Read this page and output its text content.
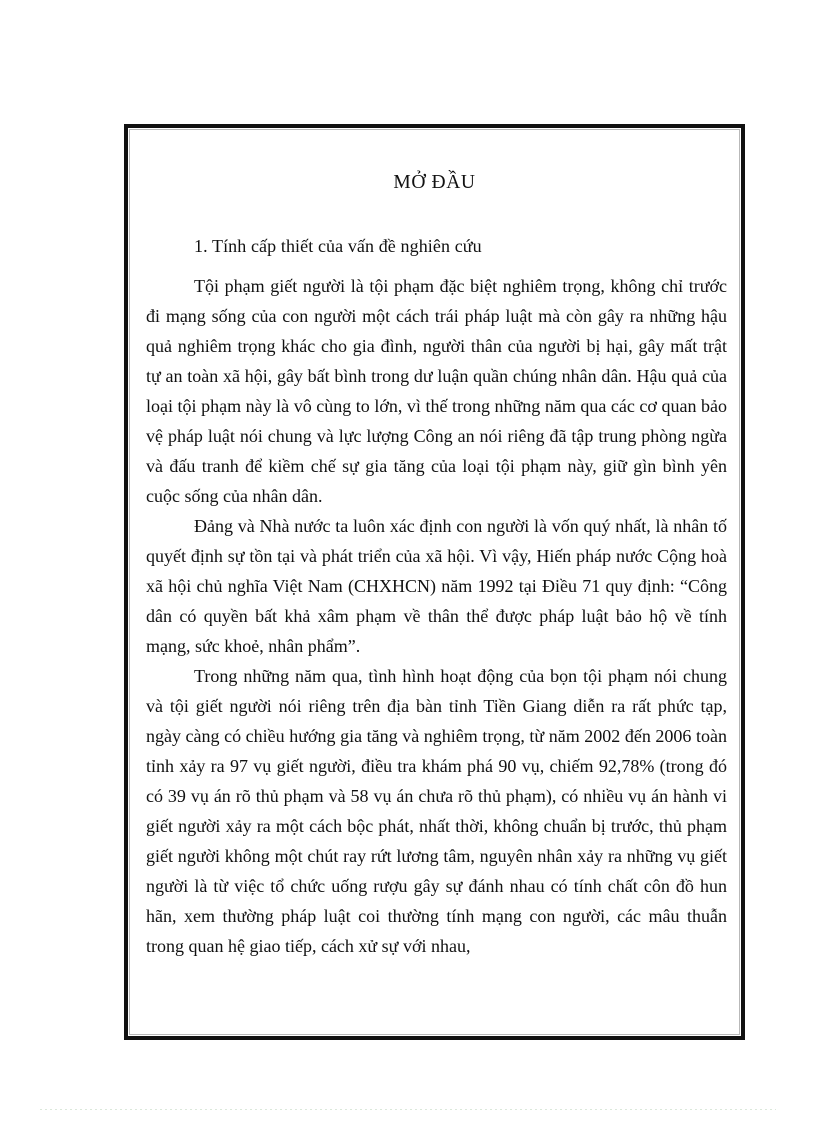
MỞ ĐẦU
1. Tính cấp thiết của vấn đề nghiên cứu

Tội phạm giết người là tội phạm đặc biệt nghiêm trọng, không chỉ trước đi mạng sống của con người một cách trái pháp luật mà còn gây ra những hậu quả nghiêm trọng khác cho gia đình, người thân của người bị hại, gây mất trật tự an toàn xã hội, gây bất bình trong dư luận quần chúng nhân dân. Hậu quả của loại tội phạm này là vô cùng to lớn, vì thế trong những năm qua các cơ quan bảo vệ pháp luật nói chung và lực lượng Công an nói riêng đã tập trung phòng ngừa và đấu tranh để kiềm chế sự gia tăng của loại tội phạm này, giữ gìn bình yên cuộc sống của nhân dân.

Đảng và Nhà nước ta luôn xác định con người là vốn quý nhất, là nhân tố quyết định sự tồn tại và phát triển của xã hội. Vì vậy, Hiến pháp nước Cộng hoà xã hội chủ nghĩa Việt Nam (CHXHCN) năm 1992 tại Điều 71 quy định: “Công dân có quyền bất khả xâm phạm về thân thể được pháp luật bảo hộ về tính mạng, sức khoẻ, nhân phẩm”.

Trong những năm qua, tình hình hoạt động của bọn tội phạm nói chung và tội giết người nói riêng trên địa bàn tỉnh Tiền Giang diễn ra rất phức tạp, ngày càng có chiều hướng gia tăng và nghiêm trọng, từ năm 2002 đến 2006 toàn tỉnh xảy ra 97 vụ giết người, điều tra khám phá 90 vụ, chiếm 92,78% (trong đó có 39 vụ án rõ thủ phạm và 58 vụ án chưa rõ thủ phạm), có nhiều vụ án hành vi giết người xảy ra một cách bộc phát, nhất thời, không chuẩn bị trước, thủ phạm giết người không một chút ray rứt lương tâm, nguyên nhân xảy ra những vụ giết người là từ việc tổ chức uống rượu gây sự đánh nhau có tính chất côn đồ hun hãn, xem thường pháp luật coi thường tính mạng con người, các mâu thuẫn trong quan hệ giao tiếp, cách xử sự với nhau,
